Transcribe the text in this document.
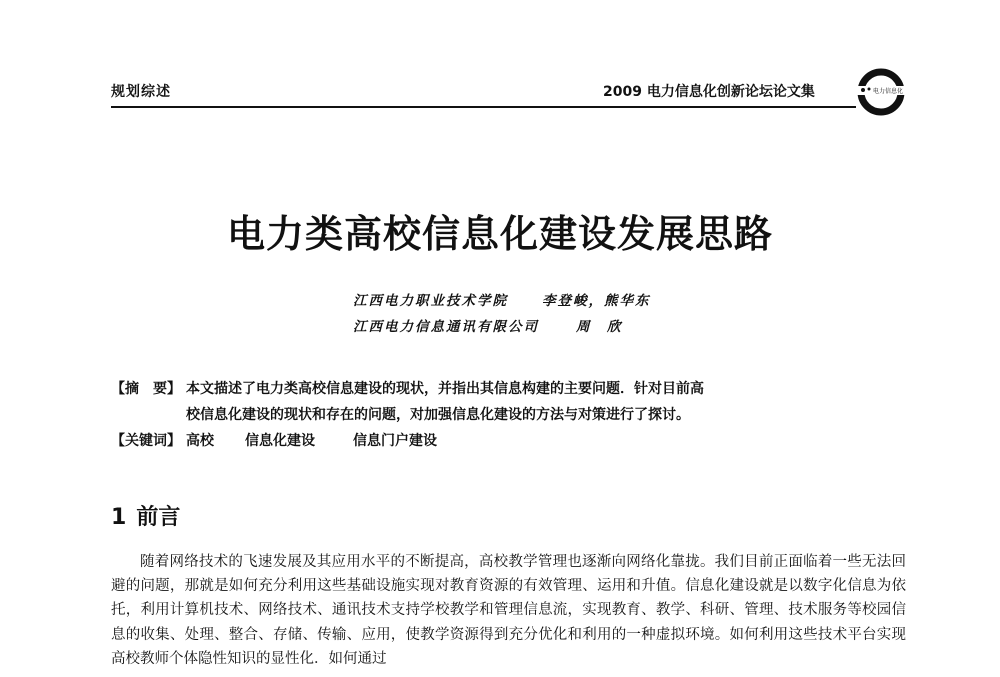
规划综述	2009 电力信息化创新论坛论文集	电力信息化
电力类高校信息化建设发展思路
江西电力职业技术学院	李登峻，熊华东
江西电力信息通讯有限公司	周　欣
【摘　要】 本文描述了电力类高校信息建设的现状，并指出其信息构建的主要问题．针对目前高
校信息化建设的现状和存在的问题，对加强信息化建设的方法与对策进行了探讨。
【关键词】 高校 信息化建设	信息门户建设
1 前言

随着网络技术的飞速发展及其应用水平的不断提高，高校教学管理也逐渐向网络化靠拢。我们目前正面临着一些无法回避的问题，那就是如何充分利用这些基础设施实现对教育资源的有效管理、运用和升值。信息化建设就是以数字化信息为依托，利用计算机技术、网络技术、通讯技术支持学校教学和管理信息流，实现教育、教学、科研、管理、技术服务等校园信息的收集、处理、整合、存储、传输、应用，使教学资源得到充分优化和利用的一种虚拟环境。如何利用这些技术平台实现高校教师个体隐性知识的显性化．如何通过
